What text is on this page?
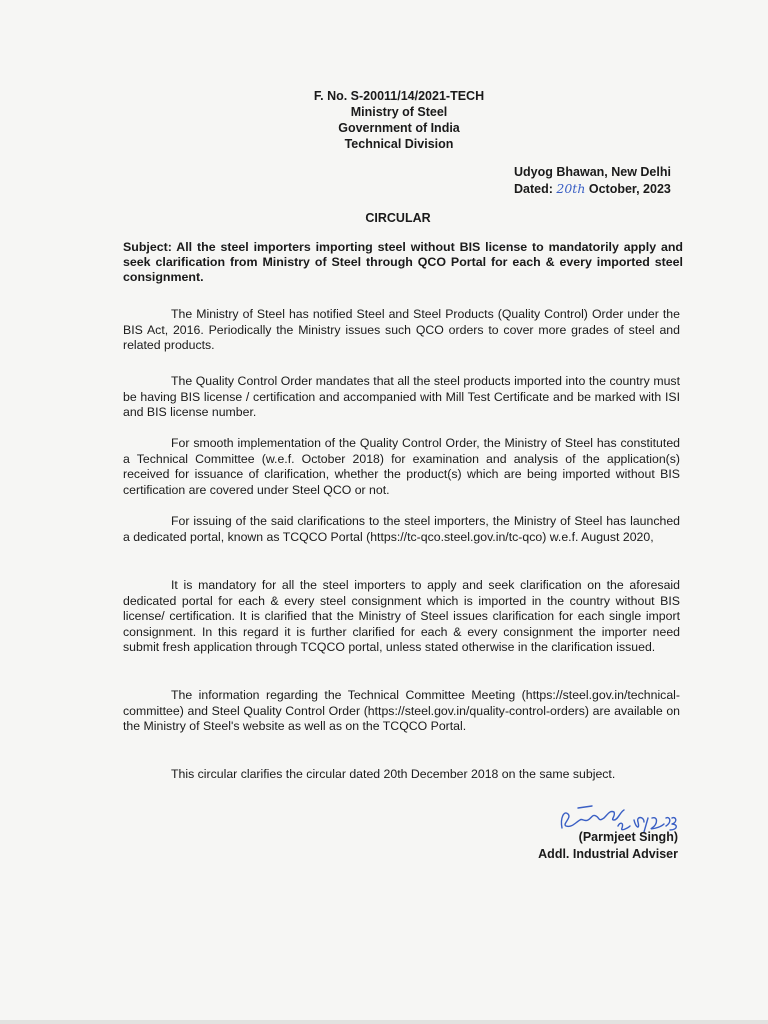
F. No. S-20011/14/2021-TECH
Ministry of Steel
Government of India
Technical Division
Udyog Bhawan, New Delhi
Dated: 20th October, 2023
CIRCULAR
Subject: All the steel importers importing steel without BIS license to mandatorily apply and seek clarification from Ministry of Steel through QCO Portal for each & every imported steel consignment.
The Ministry of Steel has notified Steel and Steel Products (Quality Control) Order under the BIS Act, 2016. Periodically the Ministry issues such QCO orders to cover more grades of steel and related products.
The Quality Control Order mandates that all the steel products imported into the country must be having BIS license / certification and accompanied with Mill Test Certificate and be marked with ISI and BIS license number.
For smooth implementation of the Quality Control Order, the Ministry of Steel has constituted a Technical Committee (w.e.f. October 2018) for examination and analysis of the application(s) received for issuance of clarification, whether the product(s) which are being imported without BIS certification are covered under Steel QCO or not.
For issuing of the said clarifications to the steel importers, the Ministry of Steel has launched a dedicated portal, known as TCQCO Portal (https://tc-qco.steel.gov.in/tc-qco) w.e.f. August 2020,
It is mandatory for all the steel importers to apply and seek clarification on the aforesaid dedicated portal for each & every steel consignment which is imported in the country without BIS license/ certification. It is clarified that the Ministry of Steel issues clarification for each single import consignment. In this regard it is further clarified for each & every consignment the importer need submit fresh application through TCQCO portal, unless stated otherwise in the clarification issued.
The information regarding the Technical Committee Meeting (https://steel.gov.in/technical-committee) and Steel Quality Control Order (https://steel.gov.in/quality-control-orders) are available on the Ministry of Steel's website as well as on the TCQCO Portal.
This circular clarifies the circular dated 20th December 2018 on the same subject.
(Parmjeet Singh)
Addl. Industrial Adviser
